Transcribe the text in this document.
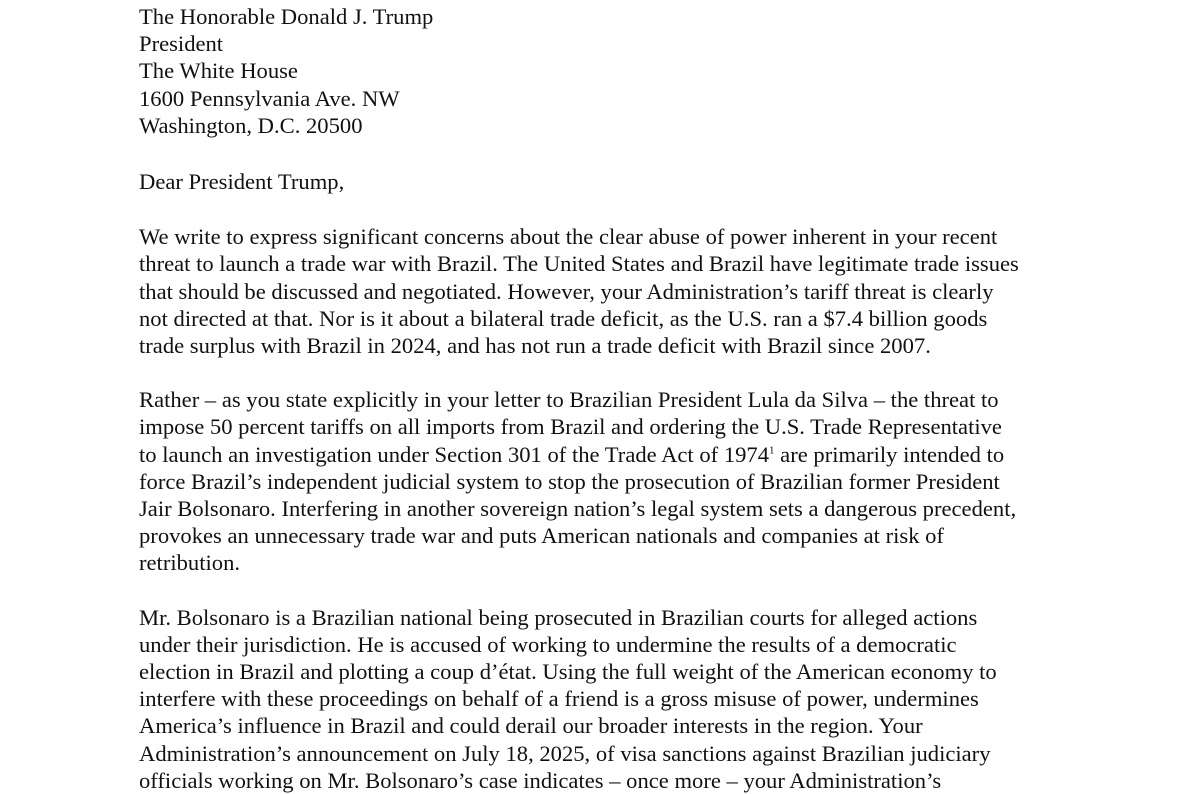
The Honorable Donald J. Trump
President
The White House
1600 Pennsylvania Ave. NW
Washington, D.C. 20500
Dear President Trump,
We write to express significant concerns about the clear abuse of power inherent in your recent
threat to launch a trade war with Brazil. The United States and Brazil have legitimate trade issues
that should be discussed and negotiated. However, your Administration’s tariff threat is clearly
not directed at that. Nor is it about a bilateral trade deficit, as the U.S. ran a $7.4 billion goods
trade surplus with Brazil in 2024, and has not run a trade deficit with Brazil since 2007.
Rather – as you state explicitly in your letter to Brazilian President Lula da Silva – the threat to
impose 50 percent tariffs on all imports from Brazil and ordering the U.S. Trade Representative
to launch an investigation under Section 301 of the Trade Act of 1974$^1$ are primarily intended to
force Brazil’s independent judicial system to stop the prosecution of Brazilian former President
Jair Bolsonaro. Interfering in another sovereign nation’s legal system sets a dangerous precedent,
provokes an unnecessary trade war and puts American nationals and companies at risk of
retribution.
Mr. Bolsonaro is a Brazilian national being prosecuted in Brazilian courts for alleged actions
under their jurisdiction. He is accused of working to undermine the results of a democratic
election in Brazil and plotting a coup d’état. Using the full weight of the American economy to
interfere with these proceedings on behalf of a friend is a gross misuse of power, undermines
America’s influence in Brazil and could derail our broader interests in the region. Your
Administration’s announcement on July 18, 2025, of visa sanctions against Brazilian judiciary
officials working on Mr. Bolsonaro’s case indicates – once more – your Administration’s
